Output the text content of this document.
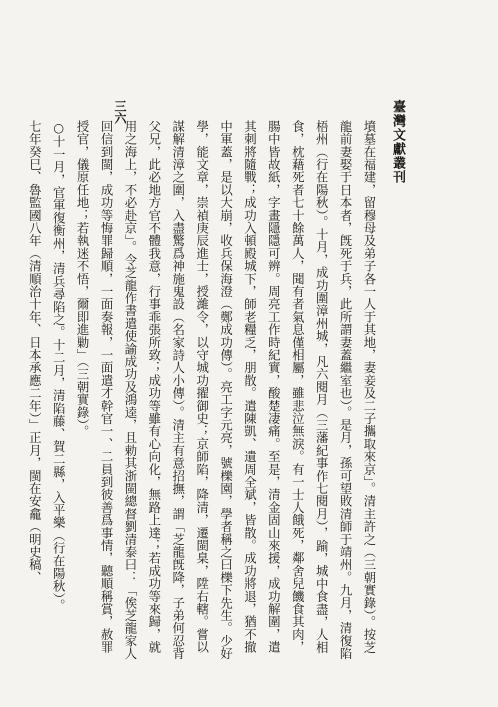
臺灣文獻叢刊
三六

墳墓在福建，留穆母及弟子各一人于其地，妻妾及二子攜取來京」。清主許之（三朝實錄）。按芝龍前妻娶于日本者，旣死于兵，此所謂妻蓋繼室也）。是月，孫可望敗清師于靖州。九月，清復陷梧州（行在陽秋）。十月，成功圍漳州城，凡六閱月（三藩紀事作七閱月），踰，城中食盡，人相食，枕藉死者七十餘萬人，聞有者氣息僅相屬，雖悲泣無淚。有一士人餓死，鄰舍兒饑食其肉，腸中皆故紙，字畫隱隱可辨。周亮工作時紀實，酸楚凄痛。至是，清金固山來援，成功解圍，遣其刺將隨戰；成功入頓殿城下，師老糧乏，朋散。遣陳凱、遺周全斌，皆散。成功將退，猶不撤中軍蓋，是以大崩，收兵保海澄（鄭成功傳）。亮工字元亮，號櫟園，學者稱之曰櫟下先生。少好學，能文章，崇禎庚辰進士，授濰令，以守城功擢御史；京師陷，降清，遷閩臬，陞右轄。嘗以謀解清漳之圍，入盡驚爲神施鬼設（名家詩人小傳）。清主有意招撫，謂「芝龍旣降，子弟何忍背父兄，此必地方官不體我意，行事乖張所致；成功等雖有心向化，無路上達；若成功等來歸，就用之海上，不必赴京」。令芝龍作書遣使諭成功及鴻逵，且勅其浙閩總督劉清泰曰：「俟芝龍家人回信到閩，成功等悔罪歸順，一面奏報，一面遣才幹官一、二員到彼善爲事情，聽順稱賞，赦罪授官，儀原任地；若執迷不悟，爾即進勦」（三朝實錄）。

○十一月，官軍復衡州，清兵尋陷之。十二月，清陷藤、賀二縣，入平樂（行在陽秋）。

七年癸巳、魯監國八年（清順治十年、日本承應二年）」正月，閩在安龕（明史稿、
